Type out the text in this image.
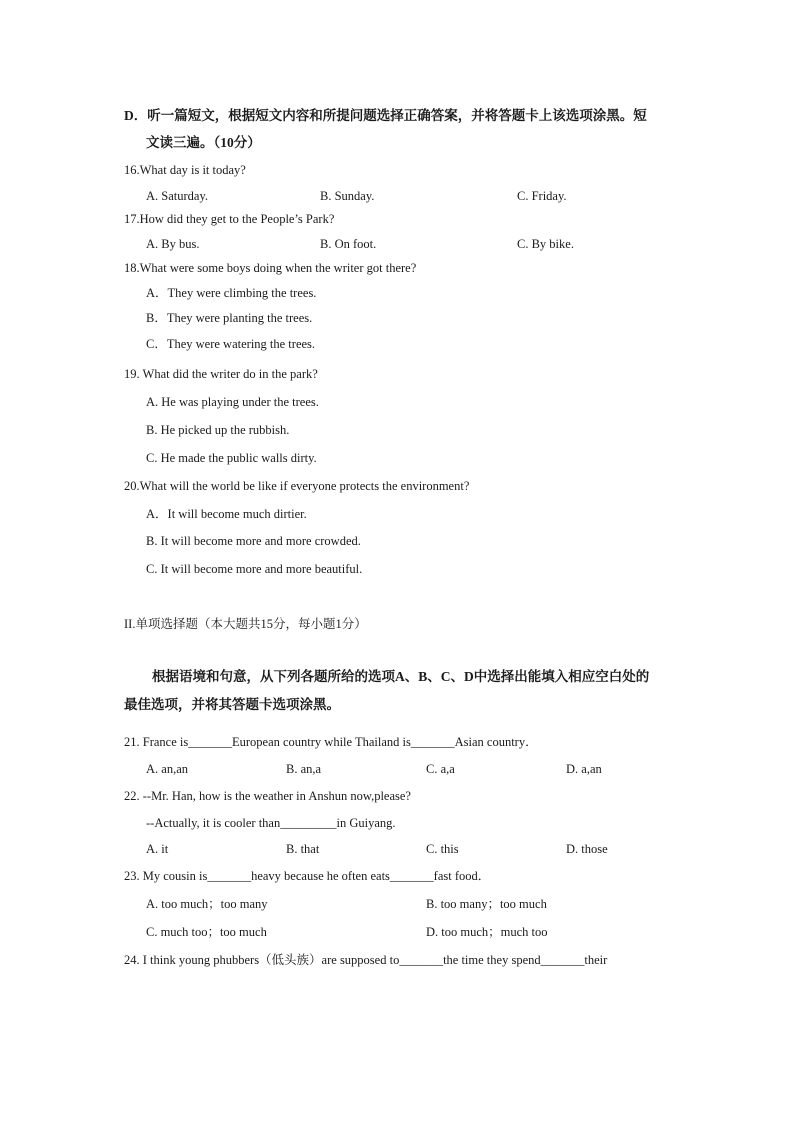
D．听一篇短文，根据短文内容和所提问题选择正确答案，并将答题卡上该选项涂黑。短
文读三遍。（10分）
16.What day is it today?
A. Saturday.	B. Sunday.	C. Friday.
17.How did they get to the People’s Park?
A. By bus.	B. On foot.	C. By bike.
18.What were some boys doing when the writer got there?
A．They were climbing the trees.
B．They were planting the trees.
C．They were watering the trees.
19. What did the writer do in the park?
A. He was playing under the trees.
B. He picked up the rubbish.
C. He made the public walls dirty.
20.What will the world be like if everyone protects the environment?
A．It will become much dirtier.
B. It will become more and more crowded.
C. It will become more and more beautiful.
II.单项选择题（本大题共15分，每小题1分）
根据语境和句意，从下列各题所给的选项A、B、C、D中选择出能填入相应空白处的
最佳选项，并将其答题卡选项涂黑。
21. France is_______European country while Thailand is_______Asian country．
A. an,an	B. an,a	C. a,a	D. a,an
22. --Mr. Han, how is the weather in Anshun now,please?
--Actually, it is cooler than_________in Guiyang.
A. it	B. that	C. this	D. those
23. My cousin is_______heavy because he often eats_______fast food．
A. too much；too many	B. too many；too much
C. much too；too much	D. too much；much too
24. I think young phubbers（低头族）are supposed to_______the time they spend_______their
